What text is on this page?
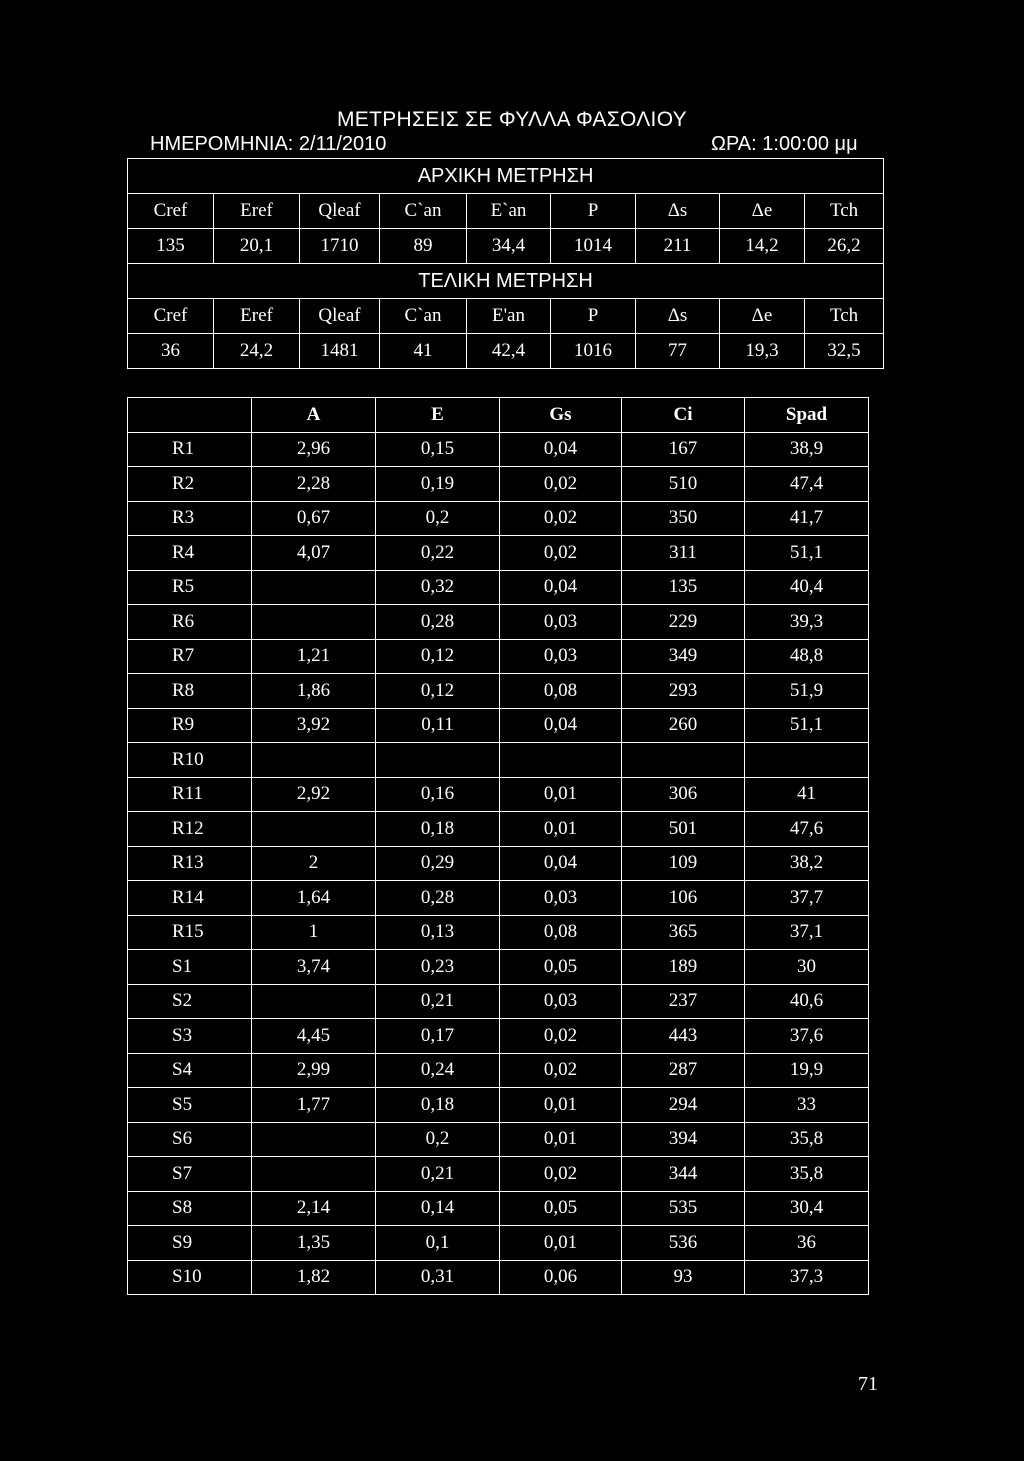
ΜΕΤΡΗΣΕΙΣ ΣΕ ΦΥΛΛΑ ΦΑΣΟΛΙΟΥ
ΗΜΕΡΟΜΗΝΙΑ: 2/11/2010	ΩΡΑ: 1:00:00 μμ
ΑΡΧΙΚΗ ΜΕΤΡΗΣΗ								
Cref	Eref	Qleaf	C`an	E`an	P	Δs	Δe	Tch
135	20,1	1710	89	34,4	1014	211	14,2	26,2
ΤΕΛΙΚΗ ΜΕΤΡΗΣΗ								
Cref	Eref	Qleaf	C`an	E'an	P	Δs	Δe	Tch
36	24,2	1481	41	42,4	1016	77	19,3	32,5
	A	E	Gs	Ci	Spad
R1	2,96	0,15	0,04	167	38,9
R2	2,28	0,19	0,02	510	47,4
R3	0,67	0,2	0,02	350	41,7
R4	4,07	0,22	0,02	311	51,1
R5		0,32	0,04	135	40,4
R6		0,28	0,03	229	39,3
R7	1,21	0,12	0,03	349	48,8
R8	1,86	0,12	0,08	293	51,9
R9	3,92	0,11	0,04	260	51,1
R10					
R11	2,92	0,16	0,01	306	41
R12		0,18	0,01	501	47,6
R13	2	0,29	0,04	109	38,2
R14	1,64	0,28	0,03	106	37,7
R15	1	0,13	0,08	365	37,1
S1	3,74	0,23	0,05	189	30
S2		0,21	0,03	237	40,6
S3	4,45	0,17	0,02	443	37,6
S4	2,99	0,24	0,02	287	19,9
S5	1,77	0,18	0,01	294	33
S6		0,2	0,01	394	35,8
S7		0,21	0,02	344	35,8
S8	2,14	0,14	0,05	535	30,4
S9	1,35	0,1	0,01	536	36
S10	1,82	0,31	0,06	93	37,3
71
